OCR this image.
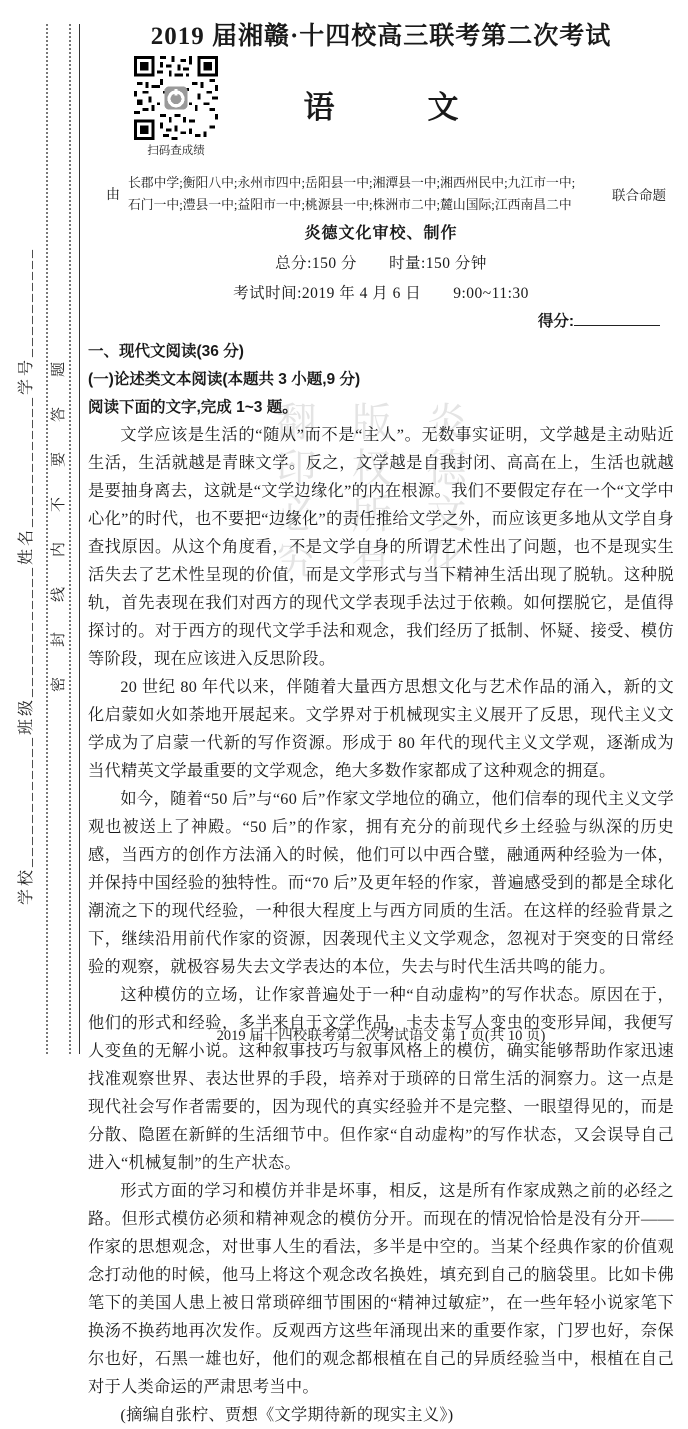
翻印必究 版权所有 炎德文化
学校____________班级____________姓名____________学号__________ 密封线内不要答题
2019 届湘赣·十四校高三联考第二次考试
扫码查成绩
语　　　文
由
长郡中学;衡阳八中;永州市四中;岳阳县一中;湘潭县一中;湘西州民中;九江市一中;
石门一中;澧县一中;益阳市一中;桃源县一中;株洲市二中;麓山国际;江西南昌二中
联合命题
炎德文化审校、制作
总分:150 分　　时量:150 分钟
考试时间:2019 年 4 月 6 日　　9:00~11:30
得分:
一、现代文阅读(36 分)
(一)论述类文本阅读(本题共 3 小题,9 分)
阅读下面的文字,完成 1~3 题。

文学应该是生活的“随从”而不是“主人”。无数事实证明，文学越是主动贴近生活，生活就越是青睐文学。反之，文学越是自我封闭、高高在上，生活也就越是要抽身离去，这就是“文学边缘化”的内在根源。我们不要假定存在一个“文学中心化”的时代，也不要把“边缘化”的责任推给文学之外，而应该更多地从文学自身查找原因。从这个角度看，不是文学自身的所谓艺术性出了问题，也不是现实生活失去了艺术性呈现的价值，而是文学形式与当下精神生活出现了脱轨。这种脱轨，首先表现在我们对西方的现代文学表现手法过于依赖。如何摆脱它，是值得探讨的。对于西方的现代文学手法和观念，我们经历了抵制、怀疑、接受、模仿等阶段，现在应该进入反思阶段。

20 世纪 80 年代以来，伴随着大量西方思想文化与艺术作品的涌入，新的文化启蒙如火如荼地开展起来。文学界对于机械现实主义展开了反思，现代主义文学成为了启蒙一代新的写作资源。形成于 80 年代的现代主义文学观，逐渐成为当代精英文学最重要的文学观念，绝大多数作家都成了这种观念的拥趸。

如今，随着“50 后”与“60 后”作家文学地位的确立，他们信奉的现代主义文学观也被送上了神殿。“50 后”的作家，拥有充分的前现代乡土经验与纵深的历史感，当西方的创作方法涌入的时候，他们可以中西合璧，融通两种经验为一体，并保持中国经验的独特性。而“70 后”及更年轻的作家，普遍感受到的都是全球化潮流之下的现代经验，一种很大程度上与西方同质的生活。在这样的经验背景之下，继续沿用前代作家的资源，因袭现代主义文学观念，忽视对于突变的日常经验的观察，就极容易失去文学表达的本位，失去与时代生活共鸣的能力。

这种模仿的立场，让作家普遍处于一种“自动虚构”的写作状态。原因在于，他们的形式和经验，多半来自于文学作品，卡夫卡写人变虫的变形异闻，我便写人变鱼的无解小说。这种叙事技巧与叙事风格上的模仿，确实能够帮助作家迅速找准观察世界、表达世界的手段，培养对于琐碎的日常生活的洞察力。这一点是现代社会写作者需要的，因为现代的真实经验并不是完整、一眼望得见的，而是分散、隐匿在新鲜的生活细节中。但作家“自动虚构”的写作状态，又会误导自己进入“机械复制”的生产状态。

形式方面的学习和模仿并非是坏事，相反，这是所有作家成熟之前的必经之路。但形式模仿必须和精神观念的模仿分开。而现在的情况恰恰是没有分开——作家的思想观念，对世事人生的看法，多半是中空的。当某个经典作家的价值观念打动他的时候，他马上将这个观念改名换姓，填充到自己的脑袋里。比如卡佛笔下的美国人患上被日常琐碎细节围困的“精神过敏症”，在一些年轻小说家笔下换汤不换药地再次发作。反观西方这些年涌现出来的重要作家，门罗也好，奈保尔也好，石黑一雄也好，他们的观念都根植在自己的异质经验当中，根植在自己对于人类命运的严肃思考当中。

(摘编自张柠、贾想《文学期待新的现实主义》)

2019 届十四校联考第二次考试语文 第 1 页(共 10 页)
